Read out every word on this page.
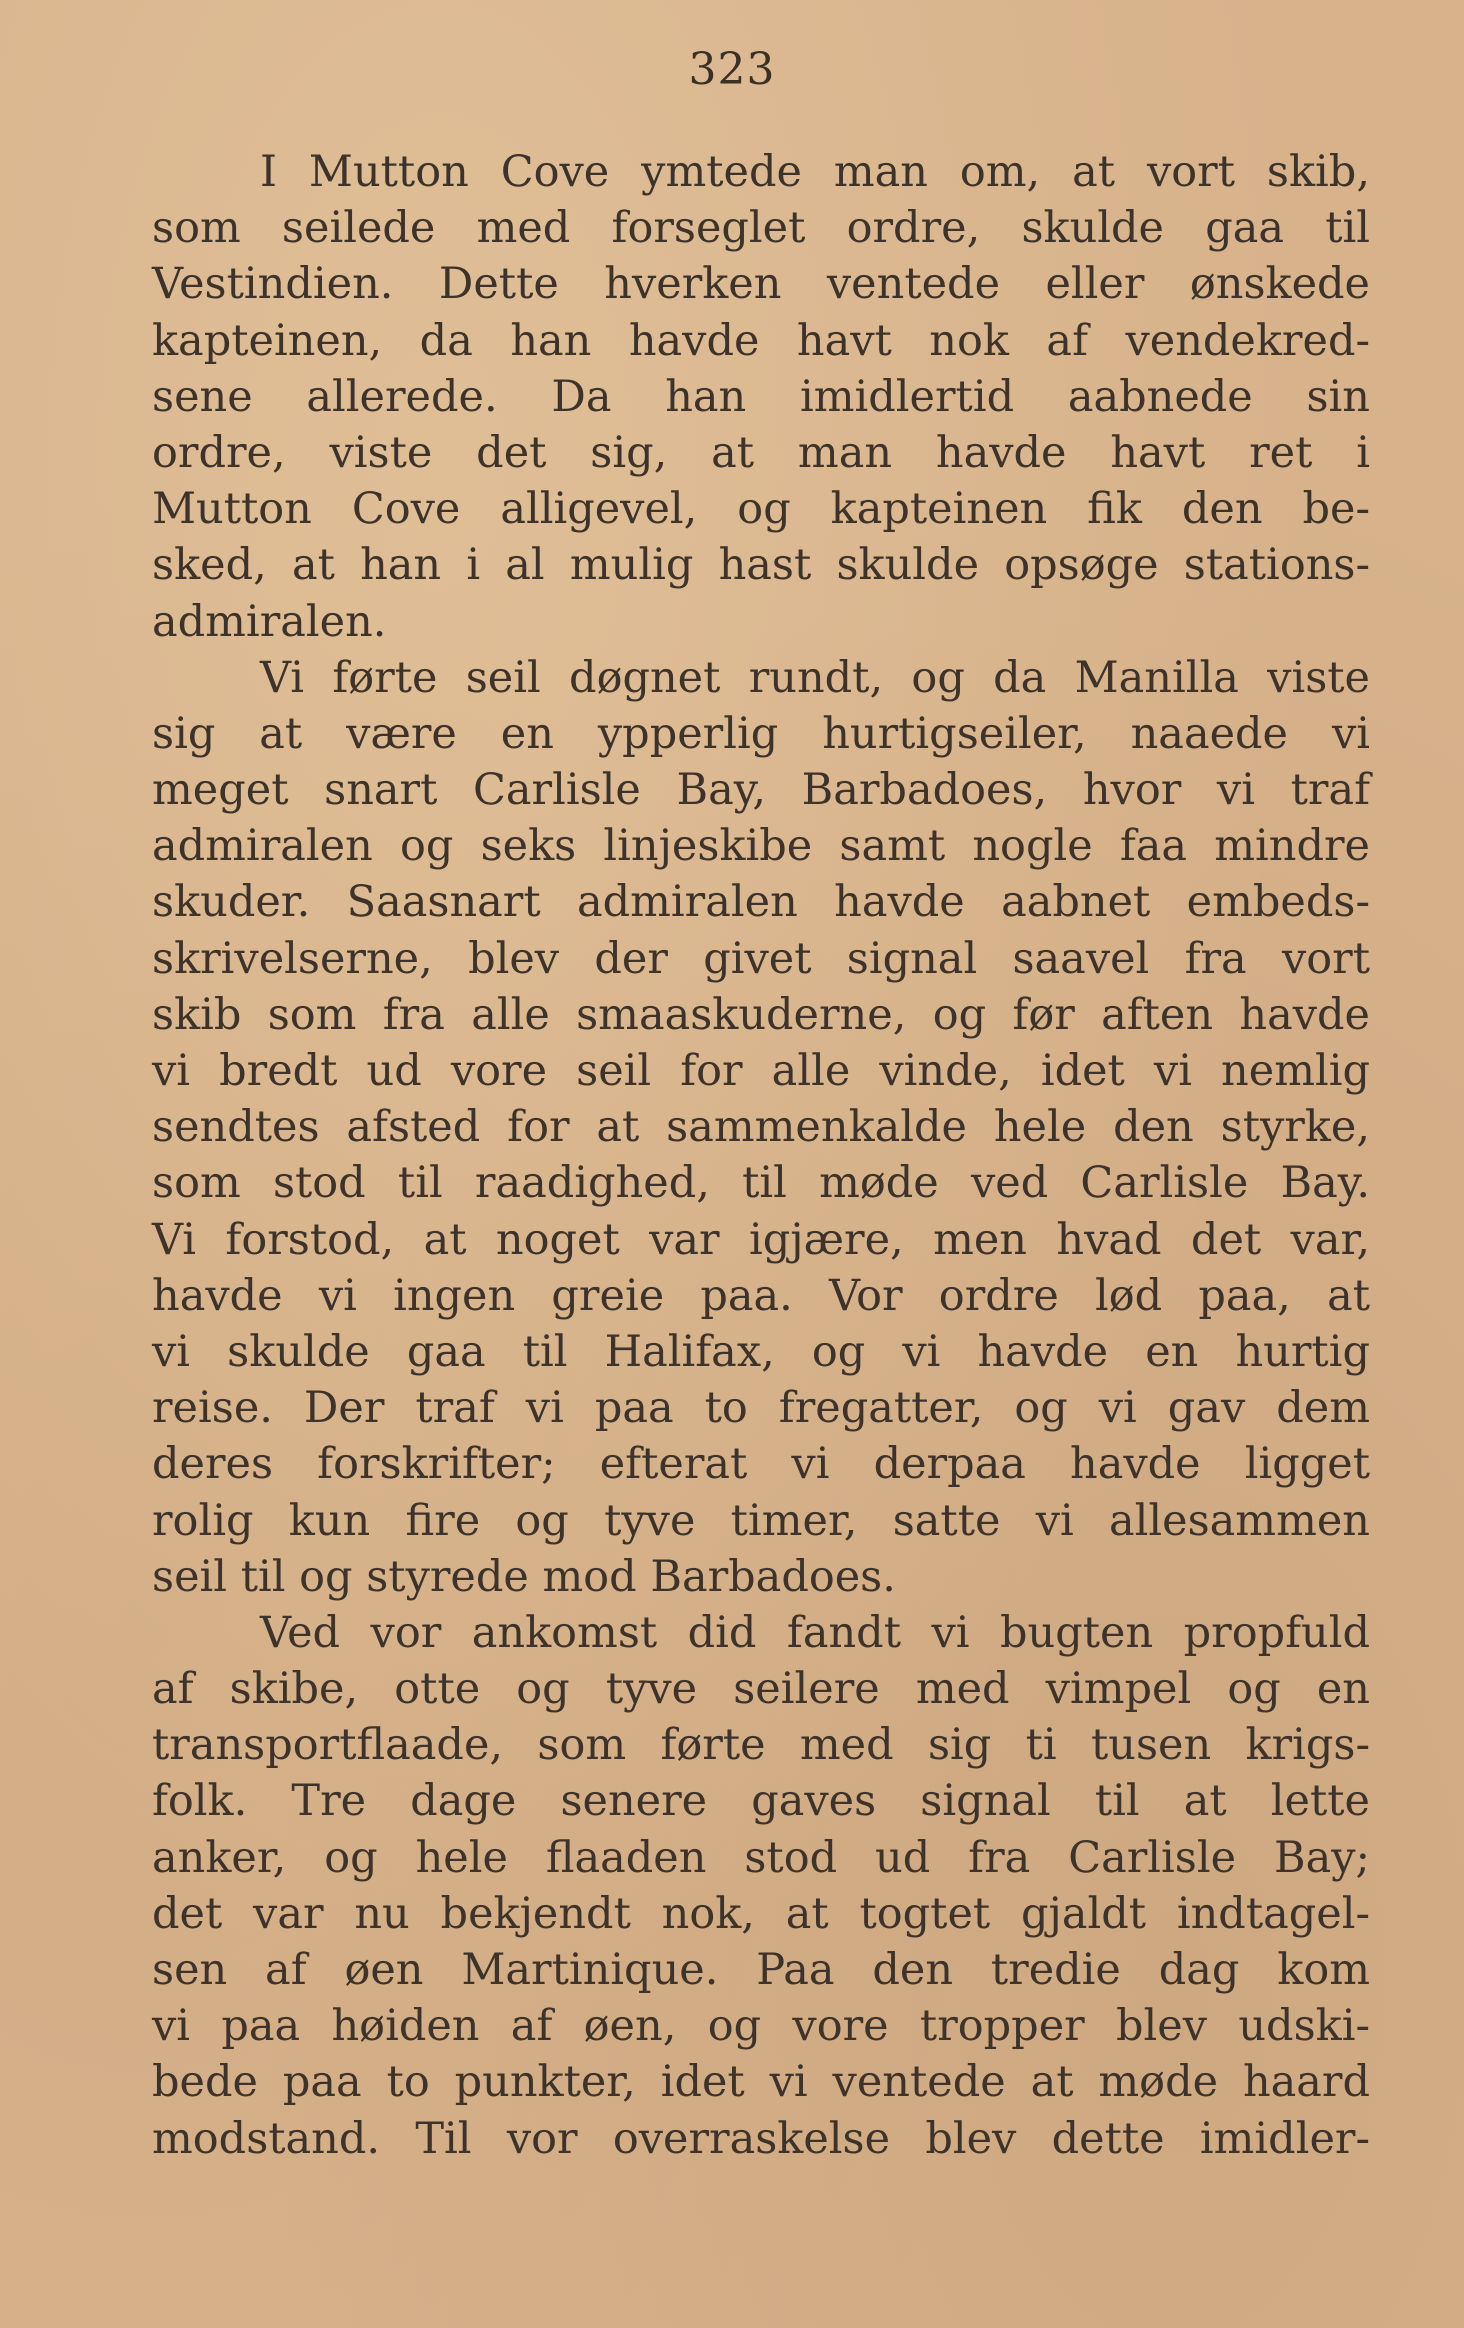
323
I Mutton Cove ymtede man om, at vort skib,
som seilede med forseglet ordre, skulde gaa til
Vestindien. Dette hverken ventede eller ønskede
kapteinen, da han havde havt nok af vendekred-
sene allerede. Da han imidlertid aabnede sin
ordre, viste det sig, at man havde havt ret i
Mutton Cove alligevel, og kapteinen fik den be-
sked, at han i al mulig hast skulde opsøge stations-
admiralen.
Vi førte seil døgnet rundt, og da Manilla viste
sig at være en ypperlig hurtigseiler, naaede vi
meget snart Carlisle Bay, Barbadoes, hvor vi traf
admiralen og seks linjeskibe samt nogle faa mindre
skuder. Saasnart admiralen havde aabnet embeds-
skrivelserne, blev der givet signal saavel fra vort
skib som fra alle smaaskuderne, og før aften havde
vi bredt ud vore seil for alle vinde, idet vi nemlig
sendtes afsted for at sammenkalde hele den styrke,
som stod til raadighed, til møde ved Carlisle Bay.
Vi forstod, at noget var igjære, men hvad det var,
havde vi ingen greie paa. Vor ordre lød paa, at
vi skulde gaa til Halifax, og vi havde en hurtig
reise. Der traf vi paa to fregatter, og vi gav dem
deres forskrifter; efterat vi derpaa havde ligget
rolig kun fire og tyve timer, satte vi allesammen
seil til og styrede mod Barbadoes.
Ved vor ankomst did fandt vi bugten propfuld
af skibe, otte og tyve seilere med vimpel og en
transportflaade, som førte med sig ti tusen krigs-
folk. Tre dage senere gaves signal til at lette
anker, og hele flaaden stod ud fra Carlisle Bay;
det var nu bekjendt nok, at togtet gjaldt indtagel-
sen af øen Martinique. Paa den tredie dag kom
vi paa høiden af øen, og vore tropper blev udski-
bede paa to punkter, idet vi ventede at møde haard
modstand. Til vor overraskelse blev dette imidler-
